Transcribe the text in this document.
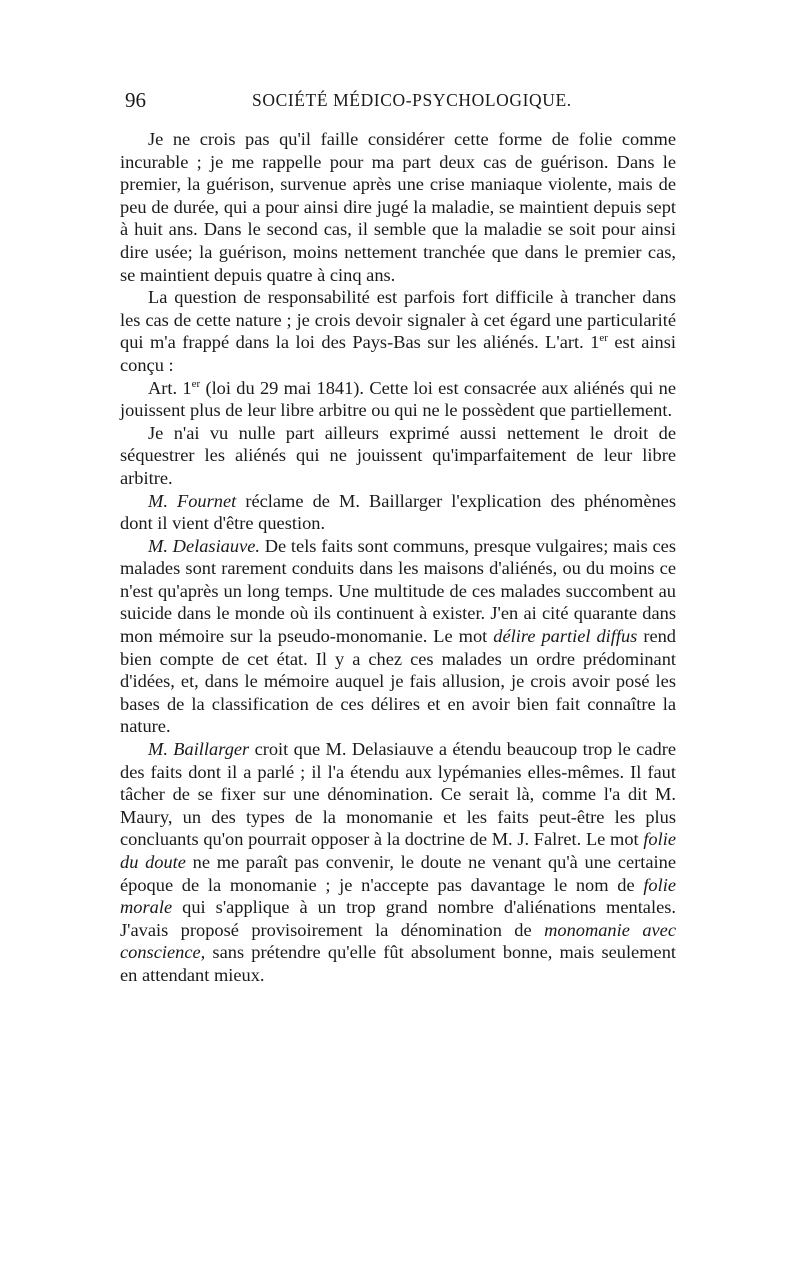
96	SOCIÉTÉ MÉDICO-PSYCHOLOGIQUE.

Je ne crois pas qu'il faille considérer cette forme de folie comme incurable ; je me rappelle pour ma part deux cas de guérison. Dans le premier, la guérison, survenue après une crise maniaque violente, mais de peu de durée, qui a pour ainsi dire jugé la maladie, se maintient depuis sept à huit ans. Dans le second cas, il semble que la maladie se soit pour ainsi dire usée; la guérison, moins nettement tranchée que dans le premier cas, se maintient depuis quatre à cinq ans.

La question de responsabilité est parfois fort difficile à trancher dans les cas de cette nature ; je crois devoir signaler à cet égard une particularité qui m'a frappé dans la loi des Pays-Bas sur les aliénés. L'art. 1er est ainsi conçu :

Art. 1er (loi du 29 mai 1841). Cette loi est consacrée aux aliénés qui ne jouissent plus de leur libre arbitre ou qui ne le possèdent que partiellement.

Je n'ai vu nulle part ailleurs exprimé aussi nettement le droit de séquestrer les aliénés qui ne jouissent qu'imparfaitement de leur libre arbitre.

M. Fournet réclame de M. Baillarger l'explication des phénomènes dont il vient d'être question.

M. Delasiauve. De tels faits sont communs, presque vulgaires; mais ces malades sont rarement conduits dans les maisons d'aliénés, ou du moins ce n'est qu'après un long temps. Une multitude de ces malades succombent au suicide dans le monde où ils continuent à exister. J'en ai cité quarante dans mon mémoire sur la pseudo-monomanie. Le mot délire partiel diffus rend bien compte de cet état. Il y a chez ces malades un ordre prédominant d'idées, et, dans le mémoire auquel je fais allusion, je crois avoir posé les bases de la classification de ces délires et en avoir bien fait connaître la nature.

M. Baillarger croit que M. Delasiauve a étendu beaucoup trop le cadre des faits dont il a parlé ; il l'a étendu aux lypémanies elles-mêmes. Il faut tâcher de se fixer sur une dénomination. Ce serait là, comme l'a dit M. Maury, un des types de la monomanie et les faits peut-être les plus concluants qu'on pourrait opposer à la doctrine de M. J. Falret. Le mot folie du doute ne me paraît pas convenir, le doute ne venant qu'à une certaine époque de la monomanie ; je n'accepte pas davantage le nom de folie morale qui s'applique à un trop grand nombre d'aliénations mentales. J'avais proposé provisoirement la dénomination de monomanie avec conscience, sans prétendre qu'elle fût absolument bonne, mais seulement en attendant mieux.
